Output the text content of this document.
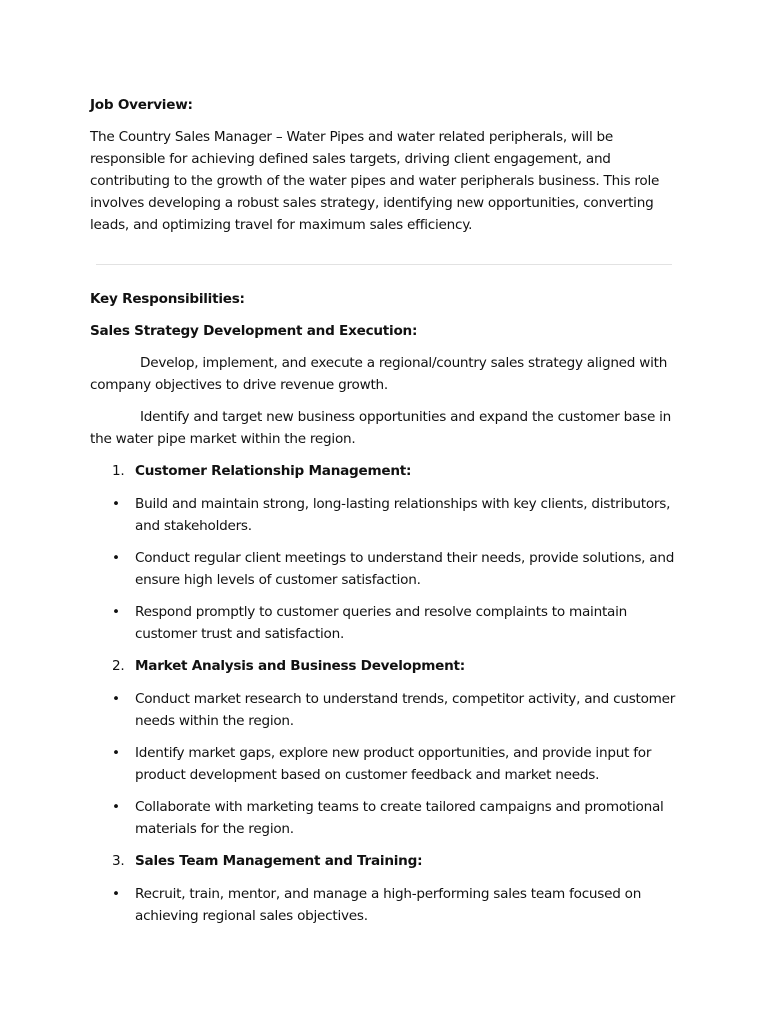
Job Overview:
The Country Sales Manager – Water Pipes and water related peripherals, will be responsible for achieving defined sales targets, driving client engagement, and contributing to the growth of the water pipes and water peripherals business. This role involves developing a robust sales strategy, identifying new opportunities, converting leads, and optimizing travel for maximum sales efficiency.
Key Responsibilities:
Sales Strategy Development and Execution:
Develop, implement, and execute a regional/country sales strategy aligned with company objectives to drive revenue growth.
Identify and target new business opportunities and expand the customer base in the water pipe market within the region.
1. Customer Relationship Management:
• Build and maintain strong, long-lasting relationships with key clients, distributors, and stakeholders.
• Conduct regular client meetings to understand their needs, provide solutions, and ensure high levels of customer satisfaction.
• Respond promptly to customer queries and resolve complaints to maintain customer trust and satisfaction.
2. Market Analysis and Business Development:
• Conduct market research to understand trends, competitor activity, and customer needs within the region.
• Identify market gaps, explore new product opportunities, and provide input for product development based on customer feedback and market needs.
• Collaborate with marketing teams to create tailored campaigns and promotional materials for the region.
3. Sales Team Management and Training:
• Recruit, train, mentor, and manage a high-performing sales team focused on achieving regional sales objectives.
